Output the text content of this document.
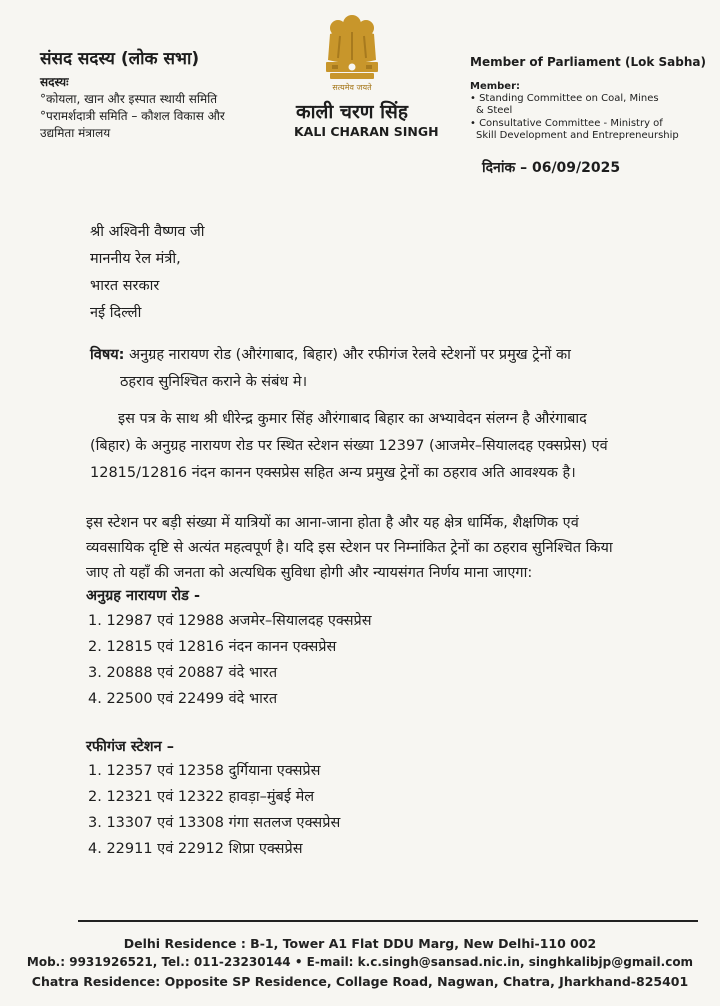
संसद सदस्य (लोक सभा)
सदस्यः
°कोयला, खान और इस्पात स्थायी समिति
°परामर्शदात्री समिति – कौशल विकास और
उद्यमिता मंत्रालय
सत्यमेव जयते
काली चरण सिंह
KALI CHARAN SINGH
Member of Parliament (Lok Sabha)
Member:
• Standing Committee on Coal, Mines
& Steel
• Consultative Committee - Ministry of
Skill Development and Entrepreneurship
दिनांक – 06/09/2025
श्री अश्विनी वैष्णव जी
माननीय रेल मंत्री,
भारत सरकार
नई दिल्ली
विषय: अनुग्रह नारायण रोड (औरंगाबाद, बिहार) और रफीगंज रेलवे स्टेशनों पर प्रमुख ट्रेनों का
ठहराव सुनिश्चित कराने के संबंध मे।
इस पत्र के साथ श्री धीरेन्द्र कुमार सिंह औरंगाबाद बिहार का अभ्यावेदन संलग्न है औरंगाबाद
(बिहार) के अनुग्रह नारायण रोड पर स्थित स्टेशन संख्या 12397 (आजमेर–सियालदह एक्सप्रेस) एवं
12815/12816 नंदन कानन एक्सप्रेस सहित अन्य प्रमुख ट्रेनों का ठहराव अति आवश्यक है।
इस स्टेशन पर बड़ी संख्या में यात्रियों का आना-जाना होता है और यह क्षेत्र धार्मिक, शैक्षणिक एवं
व्यवसायिक दृष्टि से अत्यंत महत्वपूर्ण है। यदि इस स्टेशन पर निम्नांकित ट्रेनों का ठहराव सुनिश्चित किया
जाए तो यहाँ की जनता को अत्यधिक सुविधा होगी और न्यायसंगत निर्णय माना जाएगा:
अनुग्रह नारायण रोड -
1. 12987 एवं 12988 अजमेर–सियालदह एक्सप्रेस
2. 12815 एवं 12816 नंदन कानन एक्सप्रेस
3. 20888 एवं 20887 वंदे भारत
4. 22500 एवं 22499 वंदे भारत
रफीगंज स्टेशन –
1. 12357 एवं 12358 दुर्गियाना एक्सप्रेस
2. 12321 एवं 12322 हावड़ा–मुंबई मेल
3. 13307 एवं 13308 गंगा सतलज एक्सप्रेस
4. 22911 एवं 22912 शिप्रा एक्सप्रेस
Delhi Residence : B-1, Tower A1 Flat DDU Marg, New Delhi-110 002
Mob.: 9931926521, Tel.: 011-23230144 • E-mail: k.c.singh@sansad.nic.in, singhkalibjp@gmail.com
Chatra Residence: Opposite SP Residence, Collage Road, Nagwan, Chatra, Jharkhand-825401
